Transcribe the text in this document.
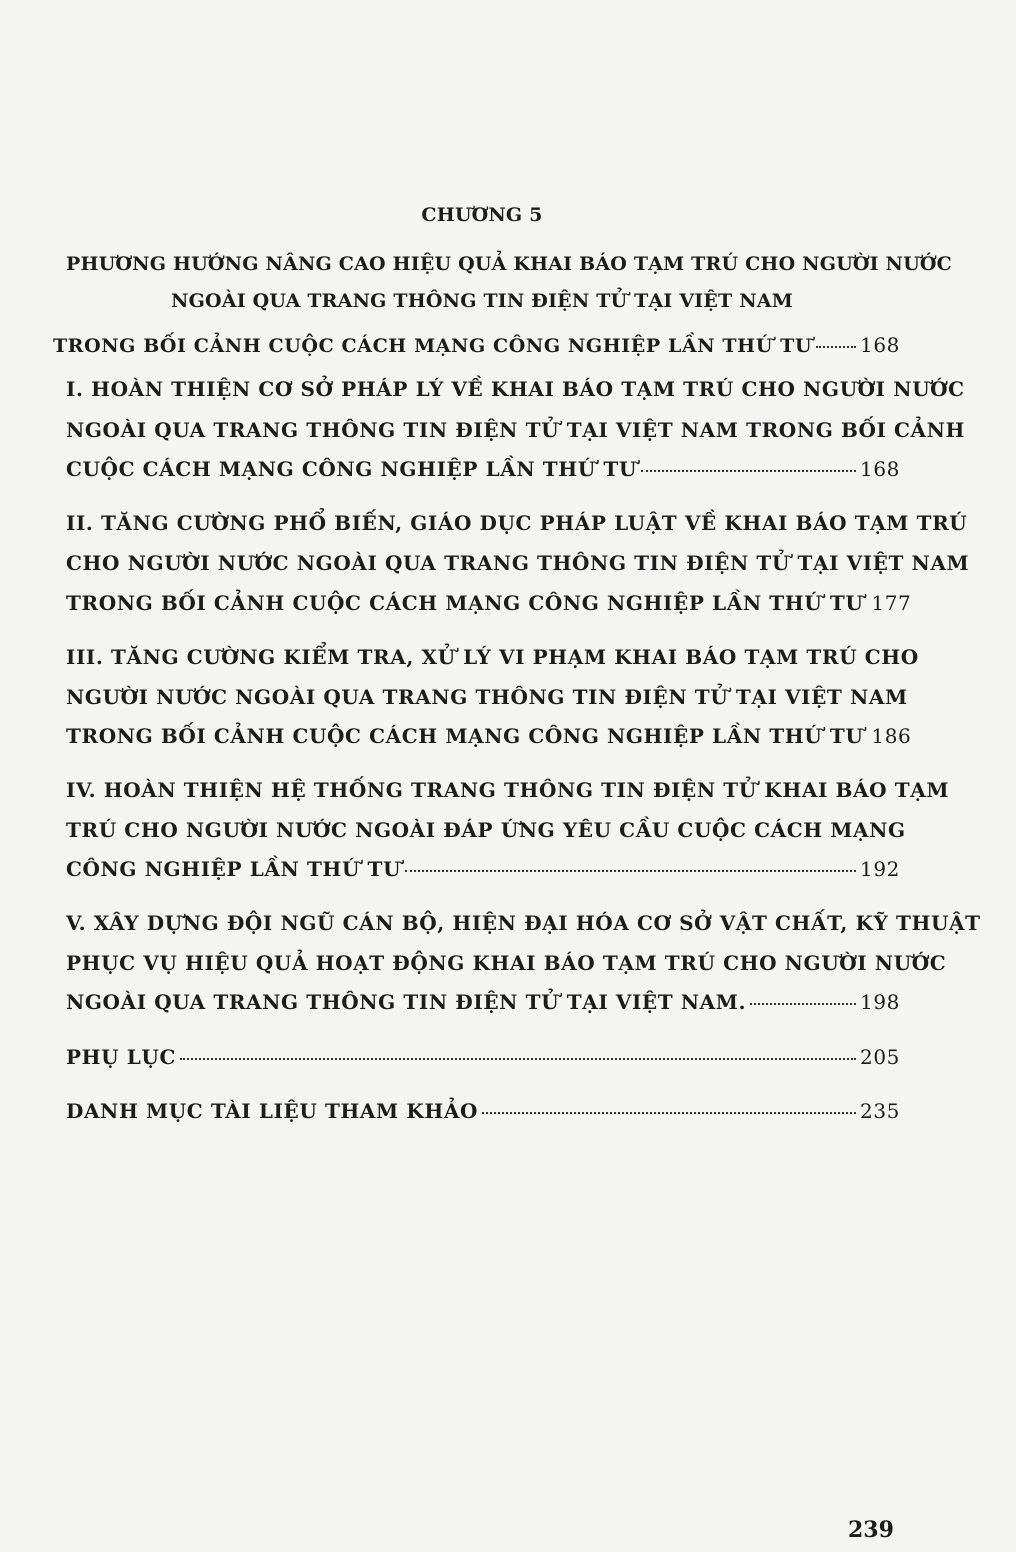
CHƯƠNG 5
PHƯƠNG HƯỚNG NÂNG CAO HIỆU QUẢ KHAI BÁO TẠM TRÚ CHO NGƯỜI NƯỚC
NGOÀI QUA TRANG THÔNG TIN ĐIỆN TỬ TẠI VIỆT NAM
TRONG BỐI CẢNH CUỘC CÁCH MẠNG CÔNG NGHIỆP LẦN THỨ TƯ 168
I. HOÀN THIỆN CƠ SỞ PHÁP LÝ VỀ KHAI BÁO TẠM TRÚ CHO NGƯỜI NƯỚC
NGOÀI QUA TRANG THÔNG TIN ĐIỆN TỬ TẠI VIỆT NAM TRONG BỐI CẢNH
CUỘC CÁCH MẠNG CÔNG NGHIỆP LẦN THỨ TƯ	168
II. TĂNG CƯỜNG PHỔ BIẾN, GIÁO DỤC PHÁP LUẬT VỀ KHAI BÁO TẠM TRÚ
CHO NGƯỜI NƯỚC NGOÀI QUA TRANG THÔNG TIN ĐIỆN TỬ TẠI VIỆT NAM
TRONG BỐI CẢNH CUỘC CÁCH MẠNG CÔNG NGHIỆP LẦN THỨ TƯ 177
III. TĂNG CƯỜNG KIỂM TRA, XỬ LÝ VI PHẠM KHAI BÁO TẠM TRÚ CHO
NGƯỜI NƯỚC NGOÀI QUA TRANG THÔNG TIN ĐIỆN TỬ TẠI VIỆT NAM
TRONG BỐI CẢNH CUỘC CÁCH MẠNG CÔNG NGHIỆP LẦN THỨ TƯ 186
IV. HOÀN THIỆN HỆ THỐNG TRANG THÔNG TIN ĐIỆN TỬ KHAI BÁO TẠM
TRÚ CHO NGƯỜI NƯỚC NGOÀI ĐÁP ỨNG YÊU CẦU CUỘC CÁCH MẠNG
CÔNG NGHIỆP LẦN THỨ TƯ	192
V. XÂY DỰNG ĐỘI NGŨ CÁN BỘ, HIỆN ĐẠI HÓA CƠ SỞ VẬT CHẤT, KỸ THUẬT
PHỤC VỤ HIỆU QUẢ HOẠT ĐỘNG KHAI BÁO TẠM TRÚ CHO NGƯỜI NƯỚC
NGOÀI QUA TRANG THÔNG TIN ĐIỆN TỬ TẠI VIỆT NAM.	198
PHỤ LỤC	205
DANH MỤC TÀI LIỆU THAM KHẢO	235
239
